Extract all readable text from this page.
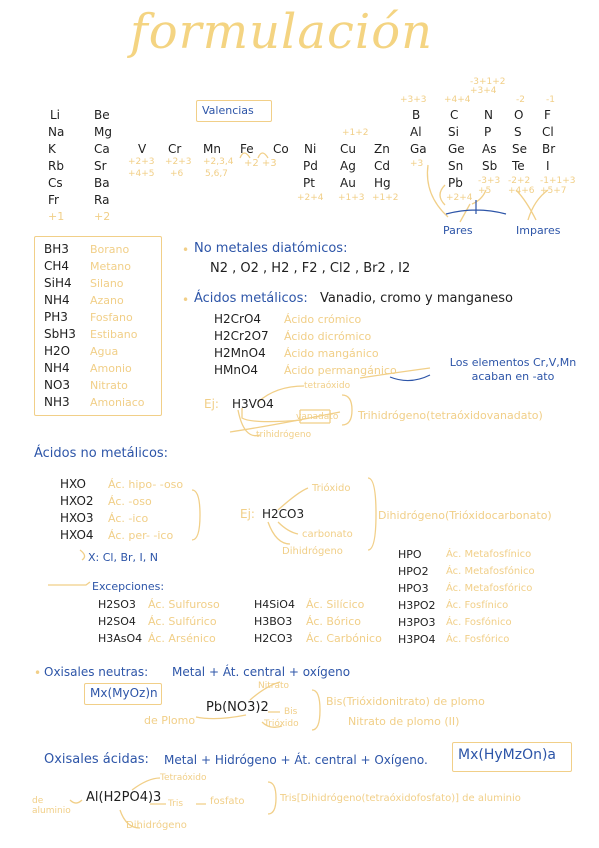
formulación
Valencias
Li
Na
K
Rb
Cs
Fr
+1
Be
Mg
Ca
Sr
Ba
Ra
+2
V Cr Mn Fe Co
+2+3
+4+5
+2+3
+6
+2,3,4
5,6,7
+2 +3
Ni
Pd
Pt
+2+4
+1+2
Cu
Ag
Au
+1+3
Zn
Cd
Hg
+1+2
+3+3
B
Al
Ga
+3
+4+4
C
Si
Ge
Sn
Pb
+2+4
-3+1+2 +3+4
N
P
As
Sb
-3+3 +5
-2
O
S
Se
Te
-2+2 +4+6
-1
F
Cl
Br
I
-1+1+3 +5+7
Pares	Impares
BH3
CH4
SiH4
NH4
PH3
SbH3
H2O
NH4
NO3
NH3
Borano
Metano
Silano
Azano
Fosfano
Estibano
Agua
Amonio
Nitrato
Amoniaco
• No metales diatómicos:
N2 , O2 , H2 , F2 , Cl2 , Br2 , I2
• Ácidos metálicos: Vanadio, cromo y manganeso
H2CrO4
H2Cr2O7
H2MnO4
HMnO4
Ácido crómico
Ácido dicrómico
Ácido mangánico
Ácido permangánico
Los elementos Cr,V,Mn acaban en -ato
Ej: H3VO4
tetraóxido
vanadato
trihidrógeno
Trihidrógeno(tetraóxidovanadato)
Ácidos no metálicos:
HXO
HXO2
HXO3
HXO4
Ác. hipo- -oso
Ác. -oso
Ác. -ico
Ác. per- -ico
X: Cl, Br, I, N
Ej: H2CO3
Trióxido
carbonato
Dihidrógeno
Dihidrógeno(Trióxidocarbonato)
Excepciones:
H2SO3
H2SO4
H3AsO4
Ác. Sulfuroso
Ác. Sulfúrico
Ác. Arsénico
H4SiO4
H3BO3
H2CO3
Ác. Silícico
Ác. Bórico
Ác. Carbónico
HPO
HPO2
HPO3
H3PO2
H3PO3
H3PO4
Ác. Metafosfínico
Ác. Metafosfónico
Ác. Metafosfórico
Ác. Fosfínico
Ác. Fosfónico
Ác. Fosfórico
• Oxisales neutras: Metal + Át. central + oxígeno
Mx(MyOz)n
Pb(NO3)2
Nitrato
Bis
Trióxido
de Plomo
Bis(Trióxidonitrato) de plomo
Nitrato de plomo (II)
Oxisales ácidas: Metal + Hidrógeno + Át. central + Oxígeno. Mx(HyMzOn)a
Al(H2PO4)3
Tetraóxido
Tris	fosfato
de aluminio
Dihidrógeno
Tris[Dihidrógeno(tetraóxidofosfato)] de aluminio
